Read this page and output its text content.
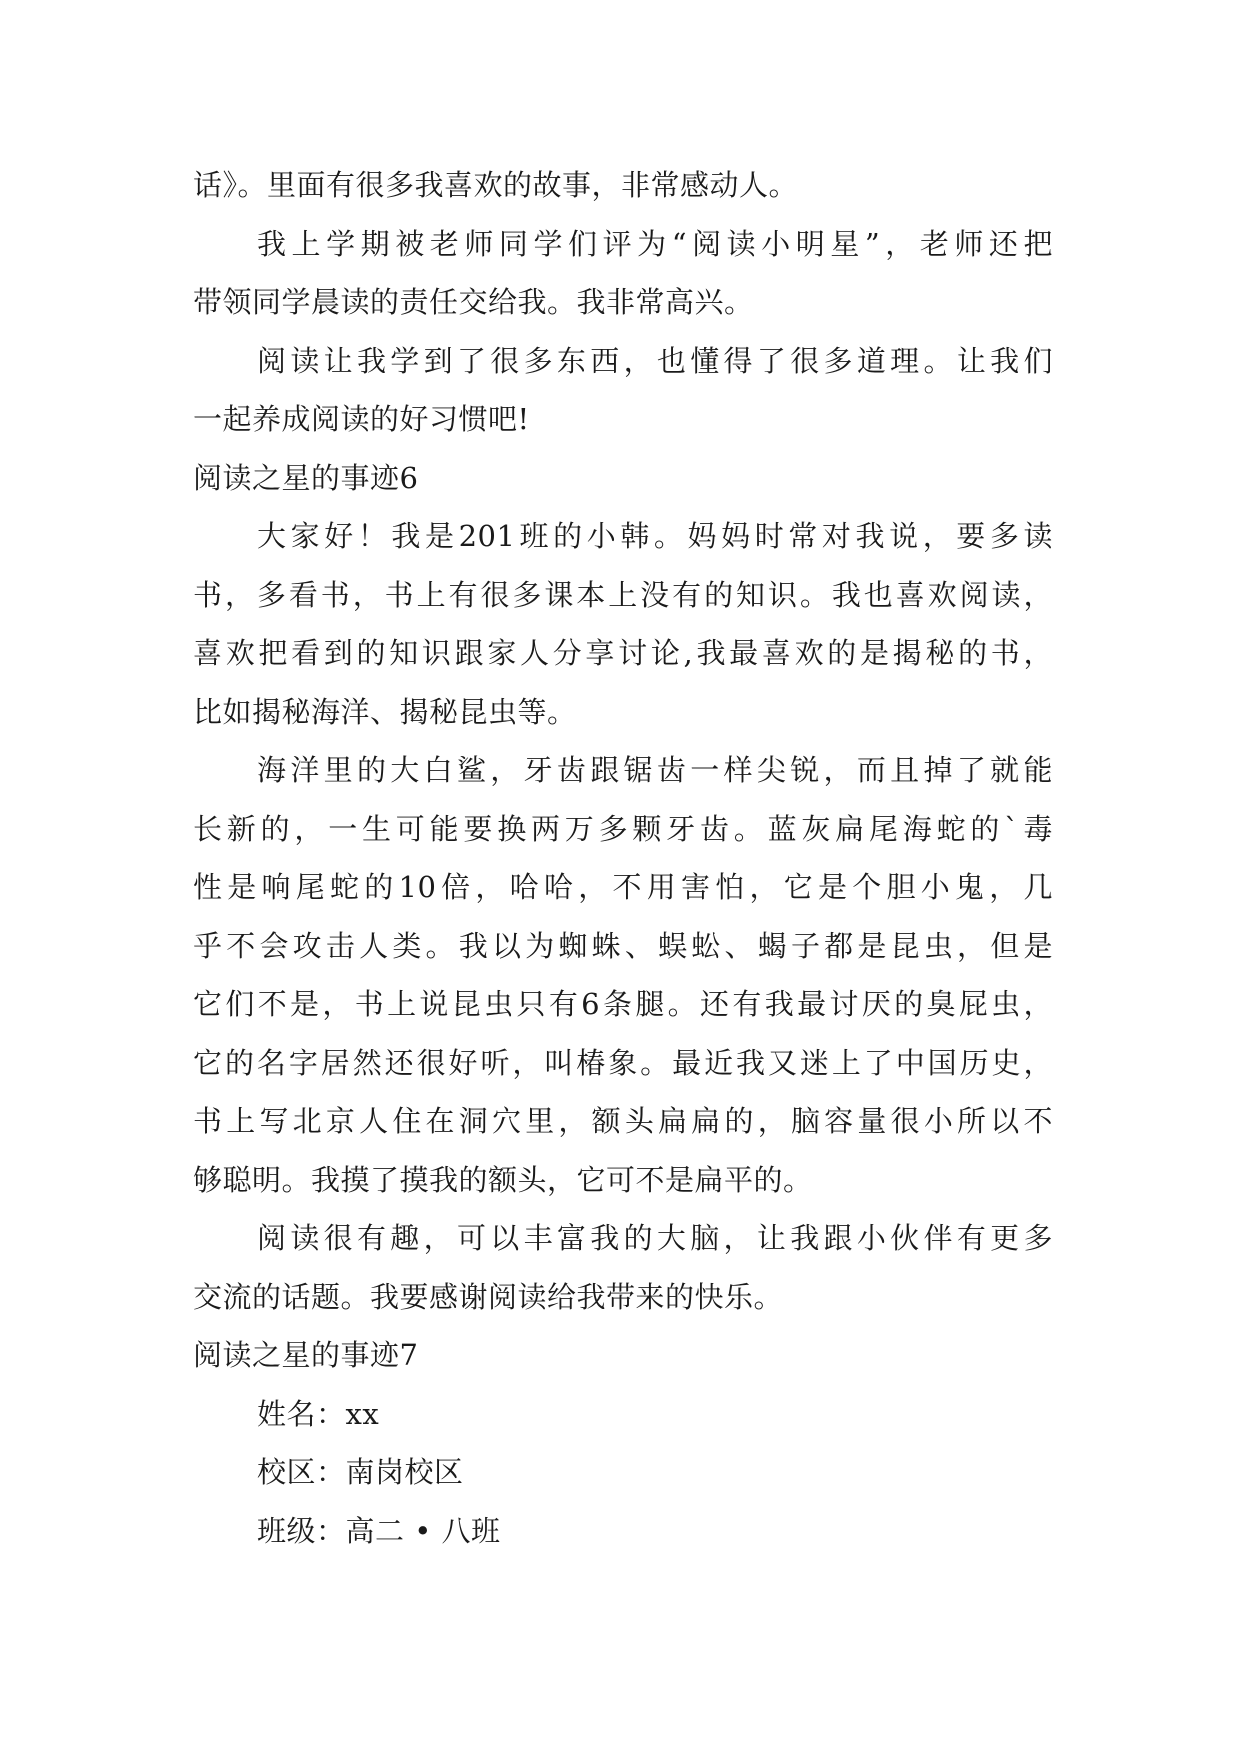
话》。里面有很多我喜欢的故事，非常感动人。
我上学期被老师同学们评为“阅读小明星”，老师还把
带领同学晨读的责任交给我。我非常高兴。
阅读让我学到了很多东西，也懂得了很多道理。让我们
一起养成阅读的好习惯吧!
阅读之星的事迹6
大家好！我是201班的小韩。妈妈时常对我说，要多读
书，多看书，书上有很多课本上没有的知识。我也喜欢阅读，
喜欢把看到的知识跟家人分享讨论,我最喜欢的是揭秘的书，
比如揭秘海洋、揭秘昆虫等。
海洋里的大白鲨，牙齿跟锯齿一样尖锐，而且掉了就能
长新的，一生可能要换两万多颗牙齿。蓝灰扁尾海蛇的`毒
性是响尾蛇的10倍，哈哈，不用害怕，它是个胆小鬼，几
乎不会攻击人类。我以为蜘蛛、蜈蚣、蝎子都是昆虫，但是
它们不是，书上说昆虫只有6条腿。还有我最讨厌的臭屁虫，
它的名字居然还很好听，叫椿象。最近我又迷上了中国历史，
书上写北京人住在洞穴里，额头扁扁的，脑容量很小所以不
够聪明。我摸了摸我的额头，它可不是扁平的。
阅读很有趣，可以丰富我的大脑，让我跟小伙伴有更多
交流的话题。我要感谢阅读给我带来的快乐。
阅读之星的事迹7
姓名：xx
校区：南岗校区
班级：高二 • 八班
